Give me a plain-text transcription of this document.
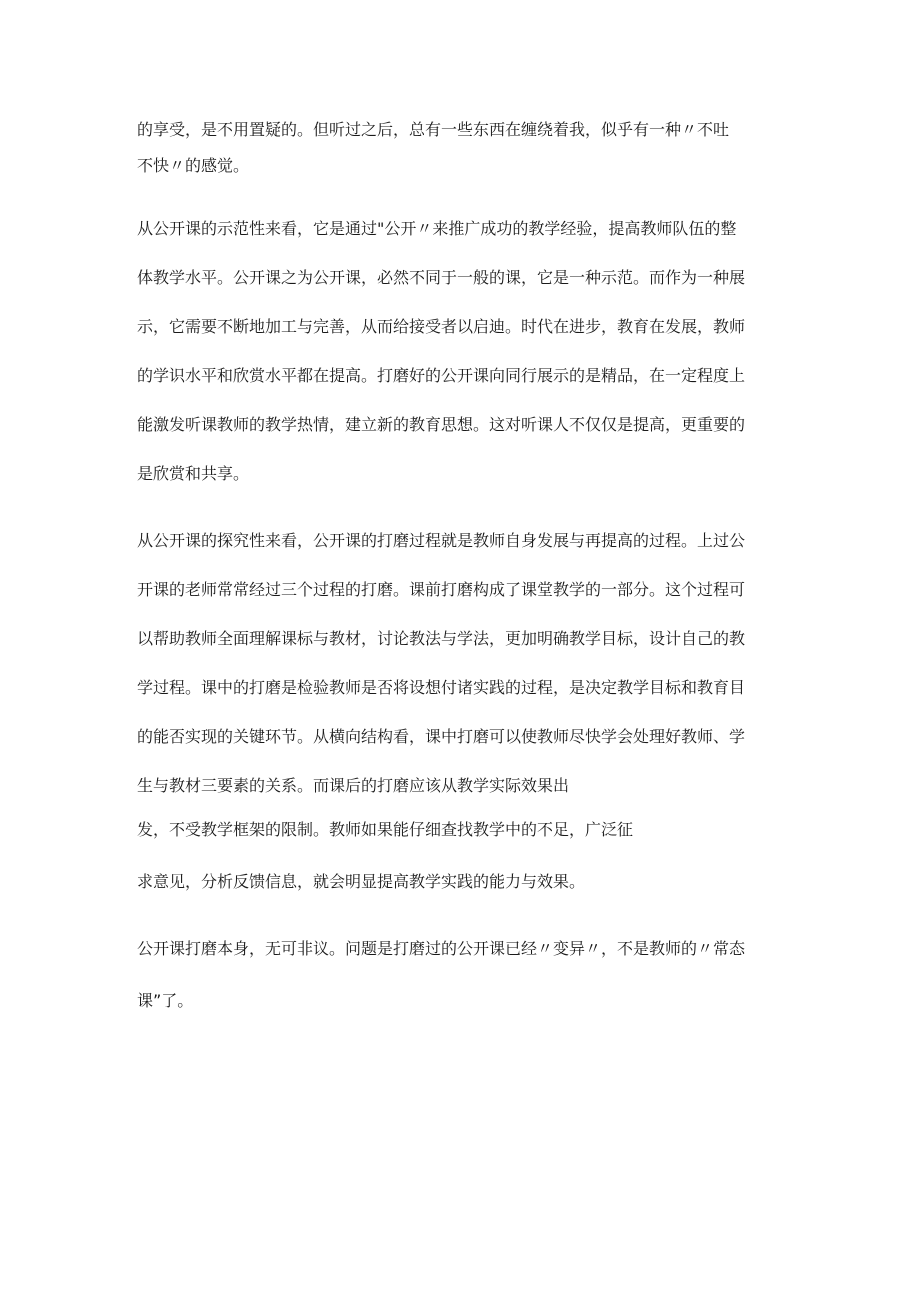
的享受，是不用置疑的。但听过之后，总有一些东西在缠绕着我，似乎有一种〃不吐

不快〃的感觉。

从公开课的示范性来看，它是通过"公开〃来推广成功的教学经验，提高教师队伍的整

体教学水平。公开课之为公开课，必然不同于一般的课，它是一种示范。而作为一种展

示，它需要不断地加工与完善，从而给接受者以启迪。时代在进步，教育在发展，教师

的学识水平和欣赏水平都在提高。打磨好的公开课向同行展示的是精品，在一定程度上

能激发听课教师的教学热情，建立新的教育思想。这对听课人不仅仅是提高，更重要的

是欣赏和共享。

从公开课的探究性来看，公开课的打磨过程就是教师自身发展与再提高的过程。上过公

开课的老师常常经过三个过程的打磨。课前打磨构成了课堂教学的一部分。这个过程可

以帮助教师全面理解课标与教材，讨论教法与学法，更加明确教学目标，设计自己的教

学过程。课中的打磨是检验教师是否将设想付诸实践的过程，是决定教学目标和教育目

的能否实现的关键环节。从横向结构看，课中打磨可以使教师尽快学会处理好教师、学

生与教材三要素的关系。而课后的打磨应该从教学实际效果出

发，不受教学框架的限制。教师如果能仔细查找教学中的不足，广泛征

求意见，分析反馈信息，就会明显提高教学实践的能力与效果。

公开课打磨本身，无可非议。问题是打磨过的公开课已经〃变异〃，不是教师的〃常态

课”了。
